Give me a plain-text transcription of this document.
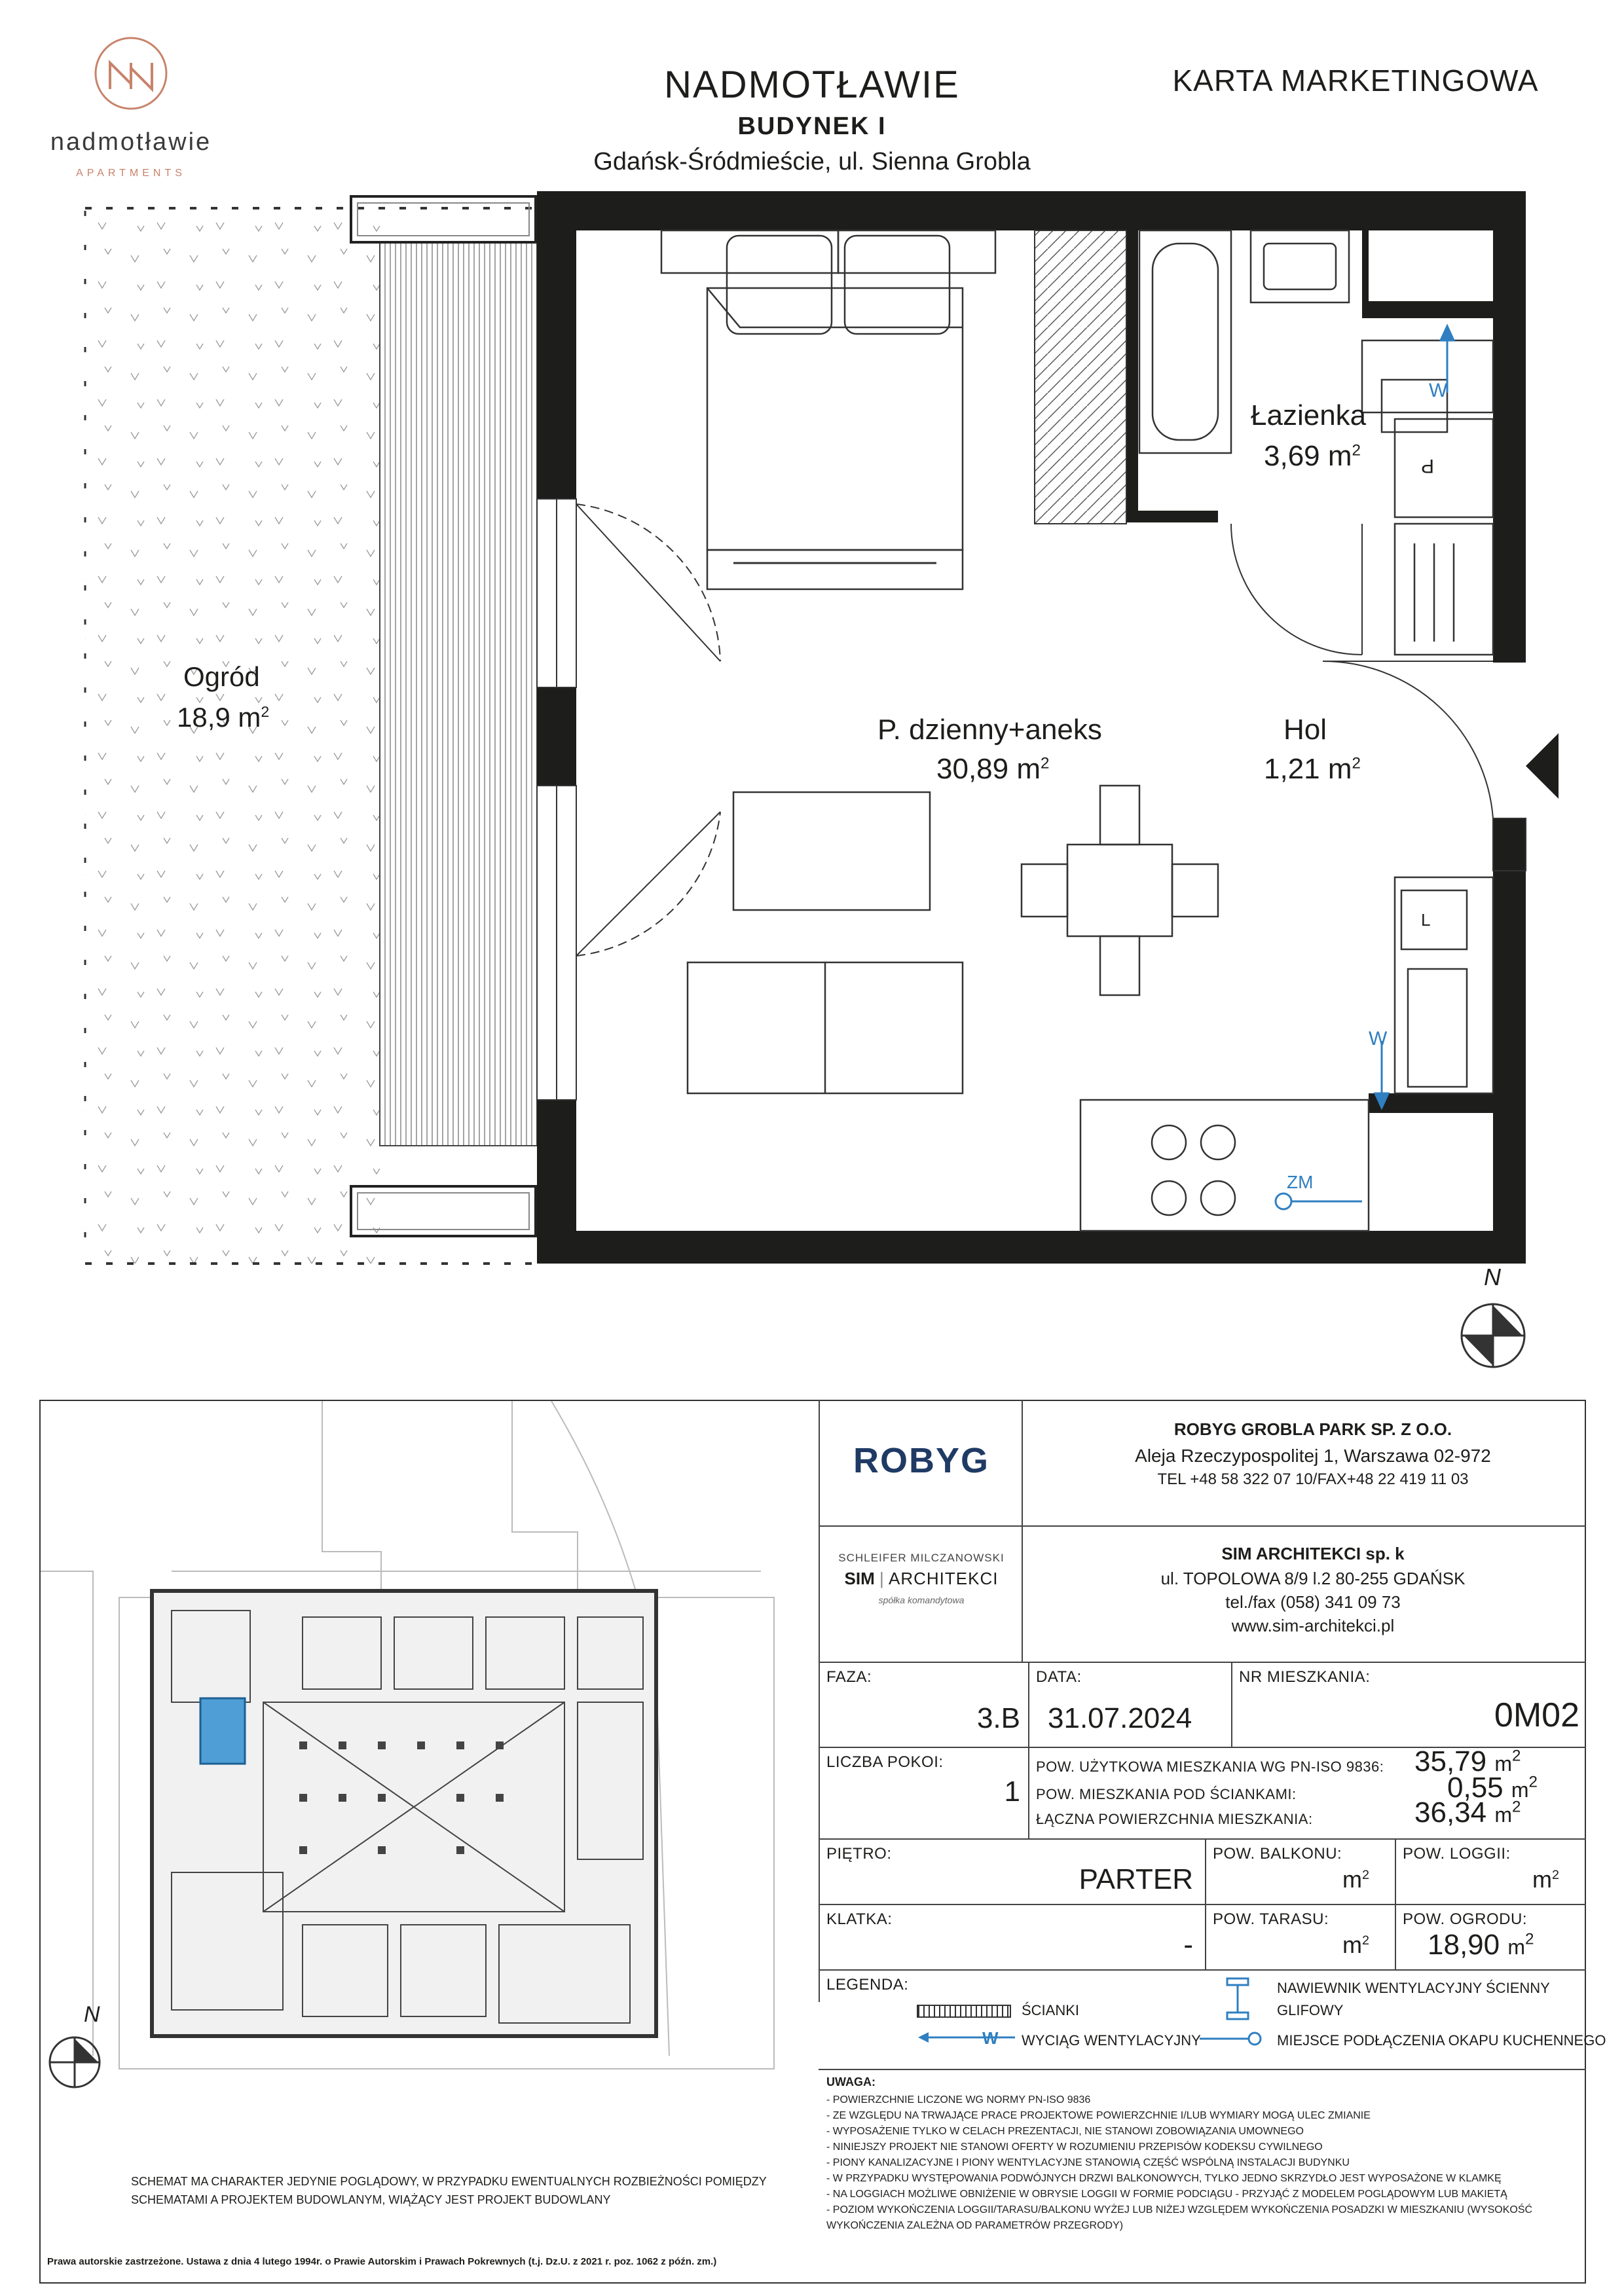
nadmotławie
APARTMENTS
NADMOTŁAWIE
BUDYNEK I
Gdańsk-Śródmieście, ul. Sienna Grobla
KARTA MARKETINGOWA
Ogród
18,9 $m^2$
P. dzienny+aneks
30,89 $m^2$
Hol
1,21 $m^2$
Łazienka
3,69 $m^2$
W
W
P
L
ZM
N
N
ROBYG
ROBYG GROBLA PARK SP. Z O.O.
Aleja Rzeczypospolitej 1, Warszawa 02-972
TEL +48 58 322 07 10/FAX+48 22 419 11 03
SCHLEIFER MILCZANOWSKI
SIM | ARCHITEKCI
spółka komandytowa
SIM ARCHITEKCI sp. k
ul. TOPOLOWA 8/9 l.2 80-255 GDAŃSK
tel./fax (058) 341 09 73
www.sim-architekci.pl
FAZA:
3.B
DATA:
31.07.2024
NR MIESZKANIA:
0M02
LICZBA POKOI:
1
POW. UŻYTKOWA MIESZKANIA WG PN-ISO 9836: 35,79 $m^2$
POW. MIESZKANIA POD ŚCIANKAMI:	0,55 $m^2$
ŁĄCZNA POWIERZCHNIA MIESZKANIA:	36,34 $m^2$
PIĘTRO:
PARTER
POW. BALKONU:
$m^2$
POW. LOGGII:
$m^2$
KLATKA:
-
POW. TARASU:
$m^2$
POW. OGRODU:
18,90 $m^2$
LEGENDA:
ŚCIANKI
W WYCIĄG WENTYLACYJNY
NAWIEWNIK WENTYLACYJNY ŚCIENNY
GLIFOWY
MIEJSCE PODŁĄCZENIA OKAPU KUCHENNEGO
UWAGA:
- POWIERZCHNIE LICZONE WG NORMY PN-ISO 9836
- ZE WZGLĘDU NA TRWAJĄCE PRACE PROJEKTOWE POWIERZCHNIE I/LUB WYMIARY MOGĄ ULEC ZMIANIE
- WYPOSAŻENIE TYLKO W CELACH PREZENTACJI, NIE STANOWI ZOBOWIĄZANIA UMOWNEGO
- NINIEJSZY PROJEKT NIE STANOWI OFERTY W ROZUMIENIU PRZEPISÓW KODEKSU CYWILNEGO
- PIONY KANALIZACYJNE I PIONY WENTYLACYJNE STANOWIĄ CZĘŚĆ WSPÓLNĄ INSTALACJI BUDYNKU
- W PRZYPADKU WYSTĘPOWANIA PODWÓJNYCH DRZWI BALKONOWYCH, TYLKO JEDNO SKRZYDŁO JEST WYPOSAŻONE W KLAMKĘ
- NA LOGGIACH MOŻLIWE OBNIŻENIE W OBRYSIE LOGGII W FORMIE PODCIĄGU - PRZYJĄĆ Z MODELEM POGLĄDOWYM LUB MAKIETĄ
- POZIOM WYKOŃCZENIA LOGGII/TARASU/BALKONU WYŻEJ LUB NIŻEJ WZGLĘDEM WYKOŃCZENIA POSADZKI W MIESZKANIU (WYSOKOŚĆ
WYKOŃCZENIA ZALEŻNA OD PARAMETRÓW PRZEGRODY)
SCHEMAT MA CHARAKTER JEDYNIE POGLĄDOWY, W PRZYPADKU EWENTUALNYCH ROZBIEŻNOŚCI POMIĘDZY
SCHEMATAMI A PROJEKTEM BUDOWLANYM, WIĄŻĄCY JEST PROJEKT BUDOWLANY
Prawa autorskie zastrzeżone. Ustawa z dnia 4 lutego 1994r. o Prawie Autorskim i Prawach Pokrewnych (t.j. Dz.U. z 2021 r. poz. 1062 z późn. zm.)
